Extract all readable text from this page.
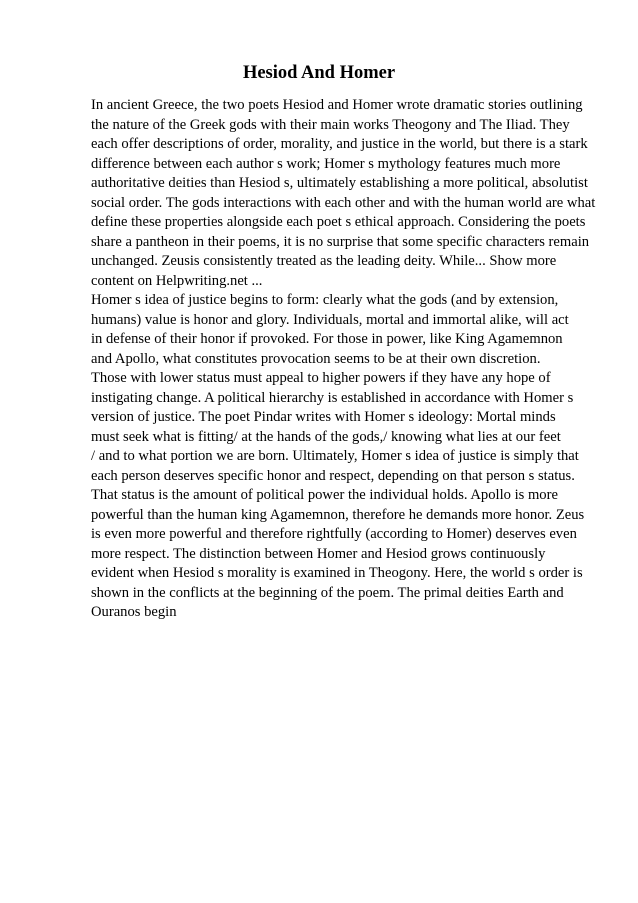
Hesiod And Homer
In ancient Greece, the two poets Hesiod and Homer wrote dramatic stories outlining
the nature of the Greek gods with their main works Theogony and The Iliad. They
each offer descriptions of order, morality, and justice in the world, but there is a stark
difference between each author s work; Homer s mythology features much more
authoritative deities than Hesiod s, ultimately establishing a more political, absolutist
social order. The gods interactions with each other and with the human world are what
define these properties alongside each poet s ethical approach. Considering the poets
share a pantheon in their poems, it is no surprise that some specific characters remain
unchanged. Zeusis consistently treated as the leading deity. While... Show more
content on Helpwriting.net ...
Homer s idea of justice begins to form: clearly what the gods (and by extension,
humans) value is honor and glory. Individuals, mortal and immortal alike, will act
in defense of their honor if provoked. For those in power, like King Agamemnon
and Apollo, what constitutes provocation seems to be at their own discretion.
Those with lower status must appeal to higher powers if they have any hope of
instigating change. A political hierarchy is established in accordance with Homer s
version of justice. The poet Pindar writes with Homer s ideology: Mortal minds
must seek what is fitting/ at the hands of the gods,/ knowing what lies at our feet
/ and to what portion we are born. Ultimately, Homer s idea of justice is simply that
each person deserves specific honor and respect, depending on that person s status.
That status is the amount of political power the individual holds. Apollo is more
powerful than the human king Agamemnon, therefore he demands more honor. Zeus
is even more powerful and therefore rightfully (according to Homer) deserves even
more respect. The distinction between Homer and Hesiod grows continuously
evident when Hesiod s morality is examined in Theogony. Here, the world s order is
shown in the conflicts at the beginning of the poem. The primal deities Earth and
Ouranos begin
